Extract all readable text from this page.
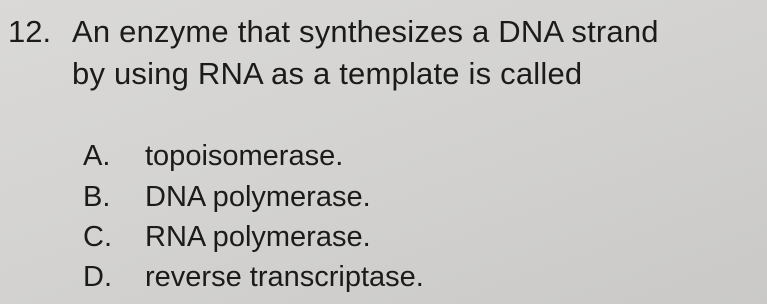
12. An enzyme that synthesizes a DNA strand
by using RNA as a template is called
A. topoisomerase.
B. DNA polymerase.
C. RNA polymerase.
D. reverse transcriptase.
